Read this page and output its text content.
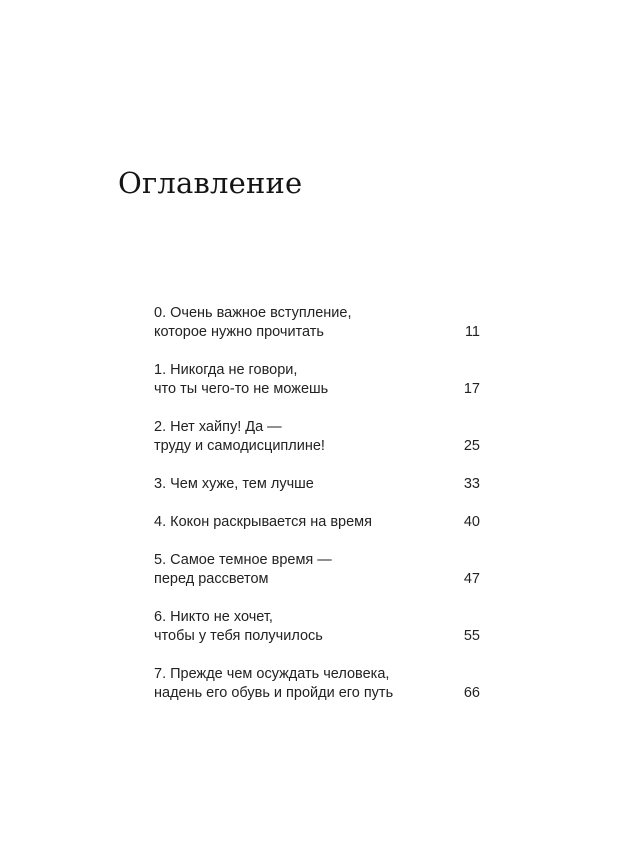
Оглавление
0. Очень важное вступление,
которое нужно прочитать	11
1. Никогда не говори,
что ты чего-то не можешь	17
2. Нет хайпу! Да —
труду и самодисциплине!	25
3. Чем хуже, тем лучше	33
4. Кокон раскрывается на время	40
5. Самое темное время —
перед рассветом	47
6. Никто не хочет,
чтобы у тебя получилось	55
7. Прежде чем осуждать человека,
надень его обувь и пройди его путь	66
